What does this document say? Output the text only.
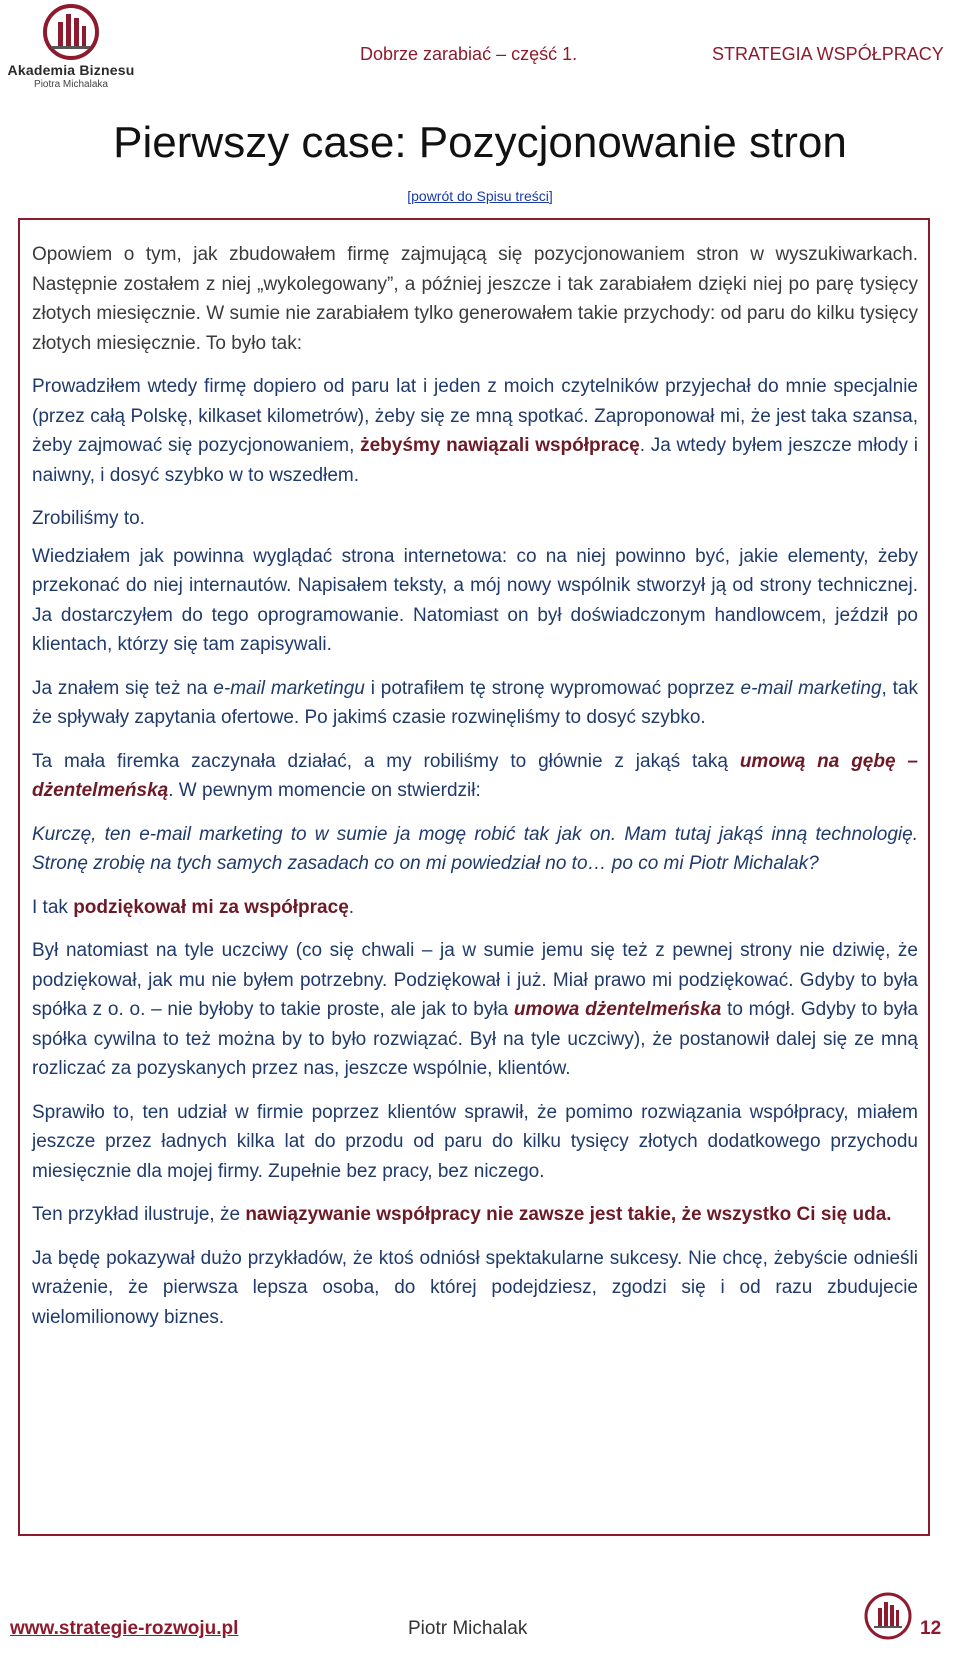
Akademia Biznesu
Piotra Michalaka
Dobrze zarabiać – część 1.	STRATEGIA WSPÓŁPRACY
Pierwszy case: Pozycjonowanie stron
[powrót do Spisu treści]

Opowiem o tym, jak zbudowałem firmę zajmującą się pozycjonowaniem stron w wyszukiwarkach. Następnie zostałem z niej „wykolegowany”, a później jeszcze i tak zarabiałem dzięki niej po parę tysięcy złotych miesięcznie. W sumie nie zarabiałem tylko generowałem takie przychody: od paru do kilku tysięcy złotych miesięcznie. To było tak:

Prowadziłem wtedy firmę dopiero od paru lat i jeden z moich czytelników przyjechał do mnie specjalnie (przez całą Polskę, kilkaset kilometrów), żeby się ze mną spotkać. Zaproponował mi, że jest taka szansa, żeby zajmować się pozycjonowaniem, żebyśmy nawiązali współpracę. Ja wtedy byłem jeszcze młody i naiwny, i dosyć szybko w to wszedłem.

Zrobiliśmy to.

Wiedziałem jak powinna wyglądać strona internetowa: co na niej powinno być, jakie elementy, żeby przekonać do niej internautów. Napisałem teksty, a mój nowy wspólnik stworzył ją od strony technicznej. Ja dostarczyłem do tego oprogramowanie. Natomiast on był doświadczonym handlowcem, jeździł po klientach, którzy się tam zapisywali.

Ja znałem się też na e-mail marketingu i potrafiłem tę stronę wypromować poprzez e-mail marketing, tak że spływały zapytania ofertowe. Po jakimś czasie rozwinęliśmy to dosyć szybko.

Ta mała firemka zaczynała działać, a my robiliśmy to głównie z jakąś taką umową na gębę – dżentelmeńską. W pewnym momencie on stwierdził:

Kurczę, ten e-mail marketing to w sumie ja mogę robić tak jak on. Mam tutaj jakąś inną technologię. Stronę zrobię na tych samych zasadach co on mi powiedział no to… po co mi Piotr Michalak?

I tak podziękował mi za współpracę.

Był natomiast na tyle uczciwy (co się chwali – ja w sumie jemu się też z pewnej strony nie dziwię, że podziękował, jak mu nie byłem potrzebny. Podziękował i już. Miał prawo mi podziękować. Gdyby to była spółka z o. o. – nie byłoby to takie proste, ale jak to była umowa dżentelmeńska to mógł. Gdyby to była spółka cywilna to też można by to było rozwiązać. Był na tyle uczciwy), że postanowił dalej się ze mną rozliczać za pozyskanych przez nas, jeszcze wspólnie, klientów.

Sprawiło to, ten udział w firmie poprzez klientów sprawił, że pomimo rozwiązania współpracy, miałem jeszcze przez ładnych kilka lat do przodu od paru do kilku tysięcy złotych dodatkowego przychodu miesięcznie dla mojej firmy. Zupełnie bez pracy, bez niczego.

Ten przykład ilustruje, że nawiązywanie współpracy nie zawsze jest takie, że wszystko Ci się uda.

Ja będę pokazywał dużo przykładów, że ktoś odniósł spektakularne sukcesy. Nie chcę, żebyście odnieśli wrażenie, że pierwsza lepsza osoba, do której podejdziesz, zgodzi się i od razu zbudujecie wielomilionowy biznes.

www.strategie-rozwoju.pl	Piotr Michalak	12
